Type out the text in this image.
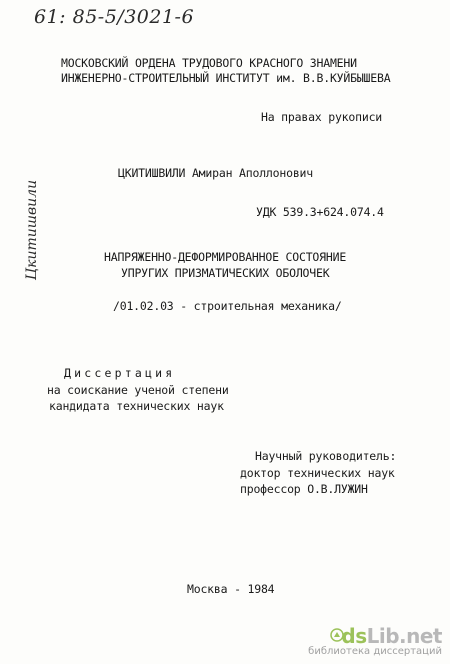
61: 85-5/3021-6
МОСКОВСКИЙ ОРДЕНА ТРУДОВОГО КРАСНОГО ЗНАМЕНИ
ИНЖЕНЕРНО-СТРОИТЕЛЬНЫЙ ИНСТИТУТ им. В.В.КУЙБЫШЕВА
На правах рукописи
ЦКИТИШВИЛИ Амиран Аполлонович
Цкитишвили	УДК 539.3+624.074.4
НАПРЯЖЕННО-ДЕФОРМИРОВАННОЕ СОСТОЯНИЕ
УПРУГИХ ПРИЗМАТИЧЕСКИХ ОБОЛОЧЕК
/01.02.03 - строительная механика/
Диссертация
на соискание ученой степени
кандидата технических наук
Научный руководитель:
доктор технических наук
профессор О.В.ЛУЖИН
Москва - 1984
dsLib.net
библиотека диссертаций
